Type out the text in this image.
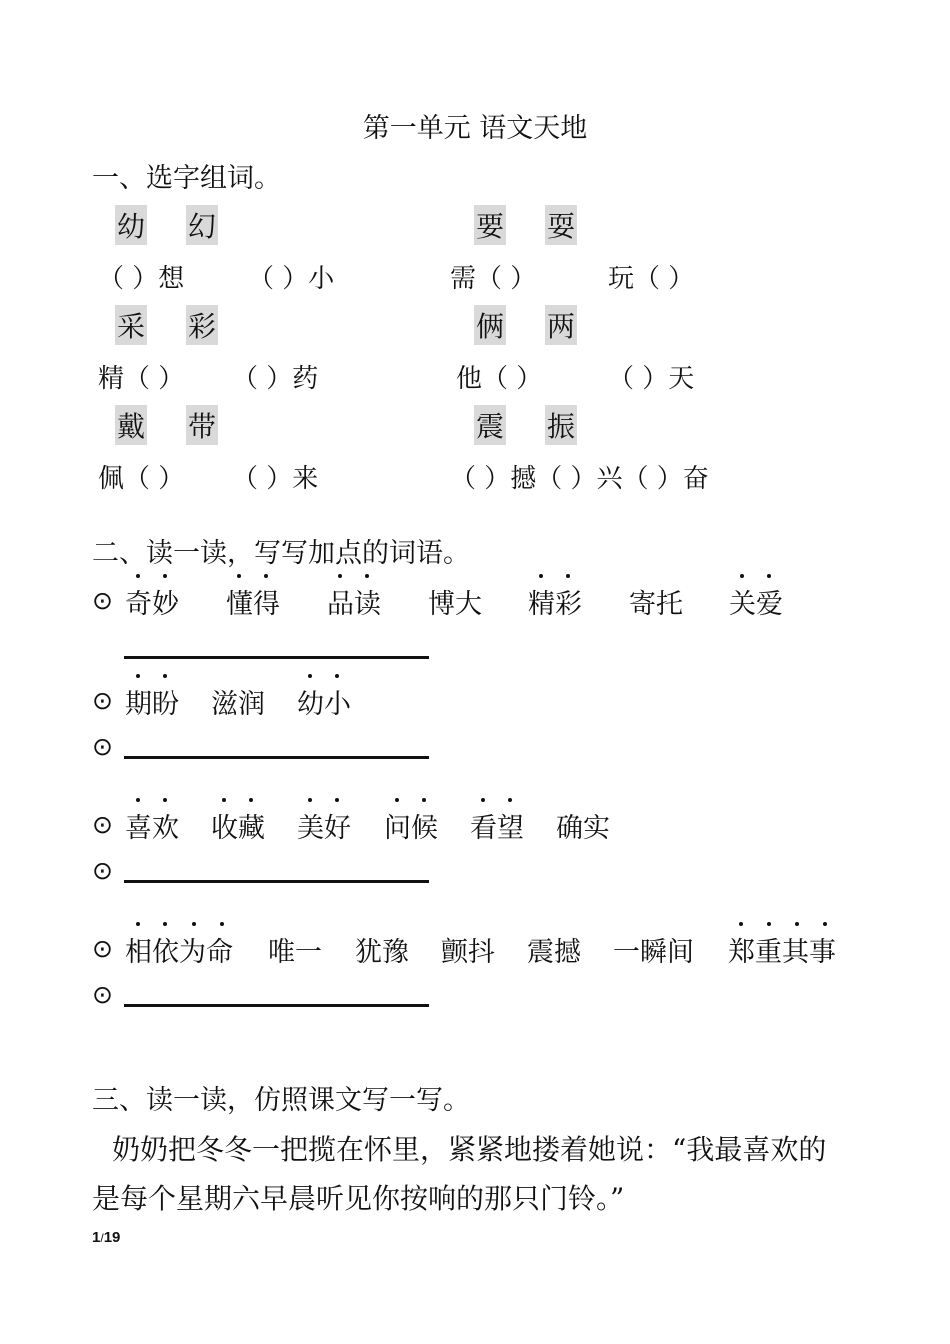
第一单元 语文天地
一、选字组词。
幼 幻	要 耍
（ ）想 （ ）小	需（ ）	玩（ ）
采 彩	俩 两
精（ ） （ ）药	他（ ）	（ ）天
戴 带	震 振
佩（ ） （ ）来	（ ）撼（ ）兴（ ）奋
二、读一读，写写加点的词语。
⊙ 奇妙 懂得 品读 博大 精彩 寄托 关爱
⊙ 期盼 滋润 幼小
⊙
⊙ 喜欢 收藏 美好 问候 看望 确实
⊙
⊙ 相依为命 唯一 犹豫 颤抖 震撼 一瞬间 郑重其事
⊙
三、读一读，仿照课文写一写。
奶奶把冬冬一把揽在怀里，紧紧地搂着她说：“我最喜欢的
是每个星期六早晨听见你按响的那只门铃。”
1/19
